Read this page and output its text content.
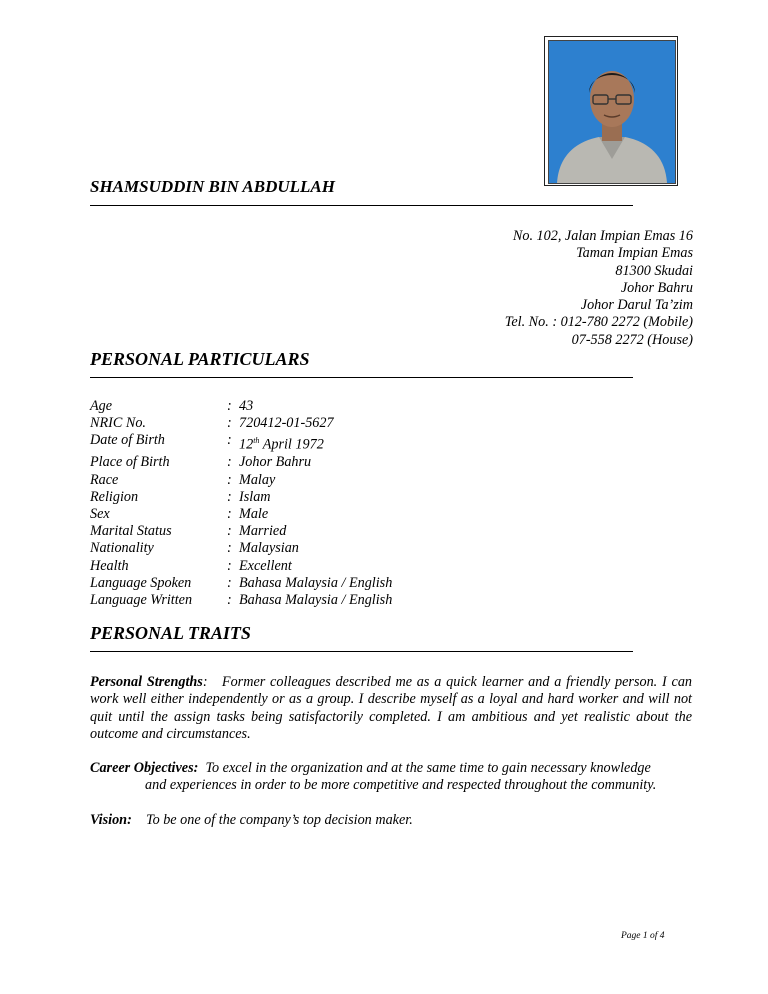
SHAMSUDDIN BIN ABDULLAH
No. 102, Jalan Impian Emas 16
Taman Impian Emas
81300 Skudai
Johor Bahru
Johor Darul Ta’zim
Tel. No. : 012-780 2272 (Mobile)
07-558 2272 (House)
PERSONAL PARTICULARS
Age	: 43
NRIC No.	: 720412-01-5627
Date of Birth	: 12th April 1972
Place of Birth	: Johor Bahru
Race	: Malay
Religion	: Islam
Sex	: Male
Marital Status	: Married
Nationality	: Malaysian
Health	: Excellent
Language Spoken	: Bahasa Malaysia / English
Language Written	: Bahasa Malaysia / English
PERSONAL TRAITS
Personal Strengths:   Former colleagues described me as a quick learner and a friendly person. I can work well either independently or as a group. I describe myself as a loyal and hard worker and will not quit until the assign tasks being satisfactorily completed. I am ambitious and yet realistic about the outcome and circumstances.
Career Objectives: To excel in the organization and at the same time to gain necessary knowledge
and experiences in order to be more competitive and respected throughout the community.
Vision: To be one of the company’s top decision maker.
Page 1 of 4
